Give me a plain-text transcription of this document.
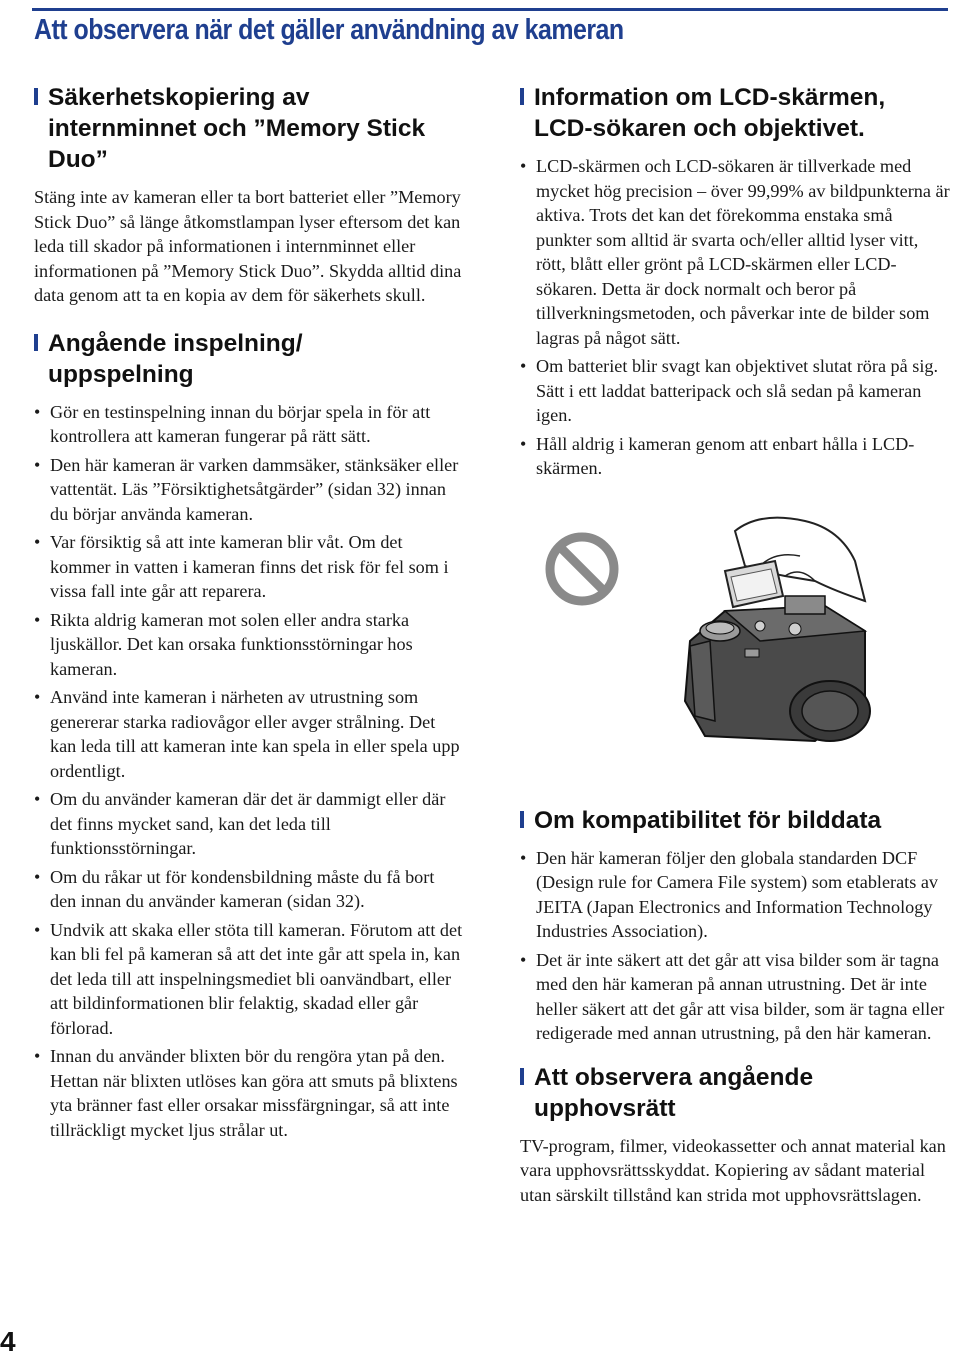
Att observera när det gäller användning av kameran
Säkerhetskopiering av
internminnet och ”Memory Stick
Duo”

Stäng inte av kameran eller ta bort batteriet eller ”Memory Stick Duo” så länge åtkomstlampan lyser eftersom det kan leda till skador på informationen i internminnet eller informationen på ”Memory Stick Duo”. Skydda alltid dina data genom att ta en kopia av dem för säkerhets skull.

Angående inspelning/
uppspelning
• Gör en testinspelning innan du börjar spela in för att kontrollera att kameran fungerar på rätt sätt.
• Den här kameran är varken dammsäker, stänksäker eller vattentät. Läs ”Försiktighetsåtgärder” (sidan 32) innan du börjar använda kameran.
• Var försiktig så att inte kameran blir våt. Om det kommer in vatten i kameran finns det risk för fel som i vissa fall inte går att reparera.
• Rikta aldrig kameran mot solen eller andra starka ljuskällor. Det kan orsaka funktionsstörningar hos kameran.
• Använd inte kameran i närheten av utrustning som genererar starka radiovågor eller avger strålning. Det kan leda till att kameran inte kan spela in eller spela upp ordentligt.
• Om du använder kameran där det är dammigt eller där det finns mycket sand, kan det leda till funktionsstörningar.
• Om du råkar ut för kondensbildning måste du få bort den innan du använder kameran (sidan 32).
• Undvik att skaka eller stöta till kameran. Förutom att det kan bli fel på kameran så att det inte går att spela in, kan det leda till att inspelningsmediet bli oanvändbart, eller att bildinformationen blir felaktig, skadad eller går förlorad.
• Innan du använder blixten bör du rengöra ytan på den. Hettan när blixten utlöses kan göra att smuts på blixtens yta bränner fast eller orsakar missfärgningar, så att inte tillräckligt mycket ljus strålar ut.
Information om LCD-skärmen,
LCD-sökaren och objektivet.
• LCD-skärmen och LCD-sökaren är tillverkade med mycket hög precision – över 99,99% av bildpunkterna är aktiva. Trots det kan det förekomma enstaka små punkter som alltid är svarta och/eller alltid lyser vitt, rött, blått eller grönt på LCD-skärmen eller LCD-sökaren. Detta är dock normalt och beror på tillverkningsmetoden, och påverkar inte de bilder som lagras på något sätt.
• Om batteriet blir svagt kan objektivet slutat röra på sig. Sätt i ett laddat batteripack och slå sedan på kameran igen.
• Håll aldrig i kameran genom att enbart hålla i LCD-skärmen.
Om kompatibilitet för bilddata
• Den här kameran följer den globala standarden DCF (Design rule for Camera File system) som etablerats av JEITA (Japan Electronics and Information Technology Industries Association).
• Det är inte säkert att det går att visa bilder som är tagna med den här kameran på annan utrustning. Det är inte heller säkert att det går att visa bilder, som är tagna eller redigerade med annan utrustning, på den här kameran.
Att observera angående
upphovsrätt

TV-program, filmer, videokassetter och annat material kan vara upphovsrättsskyddat. Kopiering av sådant material utan särskilt tillstånd kan strida mot upphovsrättslagen.

4
